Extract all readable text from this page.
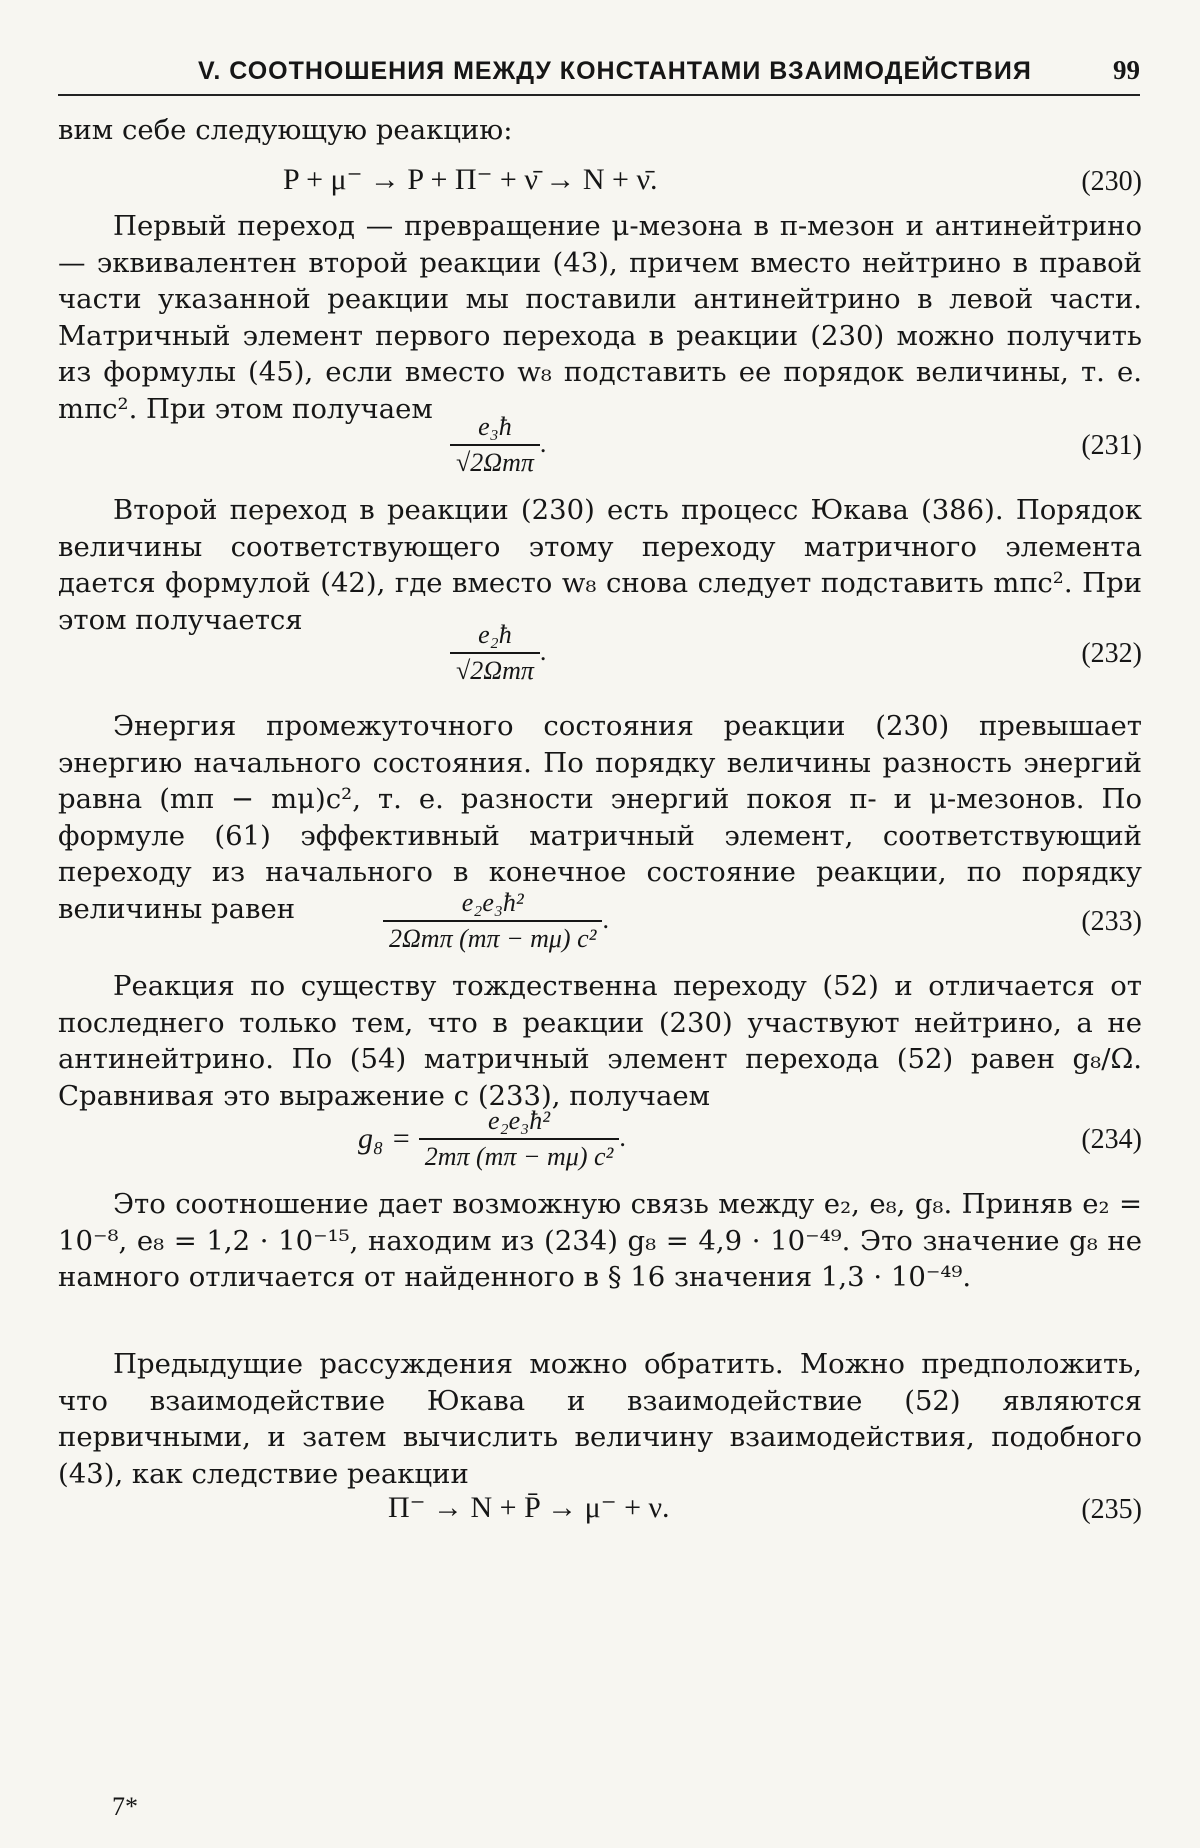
V. СООТНОШЕНИЯ МЕЖДУ КОНСТАНТАМИ ВЗАИМОДЕЙСТВИЯ	99

вим себе следующую реакцию:

P + μ⁻ → P + Π⁻ + ν̄ → N + ν̄.	(230)

Первый переход — превращение μ-мезона в π-мезон и антинейтрино — эквивалентен второй реакции (43), причем вместо нейтрино в правой части указанной реакции мы поставили антинейтрино в левой части. Матричный элемент первого перехода в реакции (230) можно получить из формулы (45), если вместо w₈ подставить ее порядок величины, т. е. mπc². При этом получаем

$\frac{\text{e₃ħ}}{\text{√2Ωmπ}}$ .	(231)

Второй переход в реакции (230) есть процесс Юкава (386). Порядок величины соответствующего этому переходу матричного элемента дается формулой (42), где вместо w₈ снова следует подставить mπc². При этом получается

$\frac{\text{e₂ħ}}{\text{√2Ωmπ}}$ .	(232)

Энергия промежуточного состояния реакции (230) превышает энергию начального состояния. По порядку величины разность энергий равна (mπ − mμ)c², т. е. разности энергий покоя π- и μ-мезонов. По формуле (61) эффективный матричный элемент, соответствующий переходу из начального в конечное состояние реакции, по порядку величины равен	$\frac{\text{e₂e₃ħ²}}{\text{2Ωmπ (mπ − mμ) c²}}$ .	(233)

Реакция по существу тождественна переходу (52) и отличается от последнего только тем, что в реакции (230) участвуют нейтрино, а не антинейтрино. По (54) матричный элемент перехода (52) равен g₈/Ω. Сравнивая это выражение с (233), получаем

$g_8 = \frac{\text{e₂e₃ħ²}}{\text{2mπ (mπ − mμ) c²}}$ .	(234)

Это соотношение дает возможную связь между e₂, e₈, g₈. Приняв e₂ = 10⁻⁸, e₈ = 1,2 · 10⁻¹⁵, находим из (234) g₈ = 4,9 · 10⁻⁴⁹. Это значение g₈ не намного отличается от найденного в § 16 значения 1,3 · 10⁻⁴⁹.

Предыдущие рассуждения можно обратить. Можно предположить, что взаимодействие Юкава и взаимодействие (52) являются первичными, и затем вычислить величину взаимодействия, подобного (43), как следствие реакции

Π⁻ → N + P̄ → μ⁻ + ν.	(235)
7*
